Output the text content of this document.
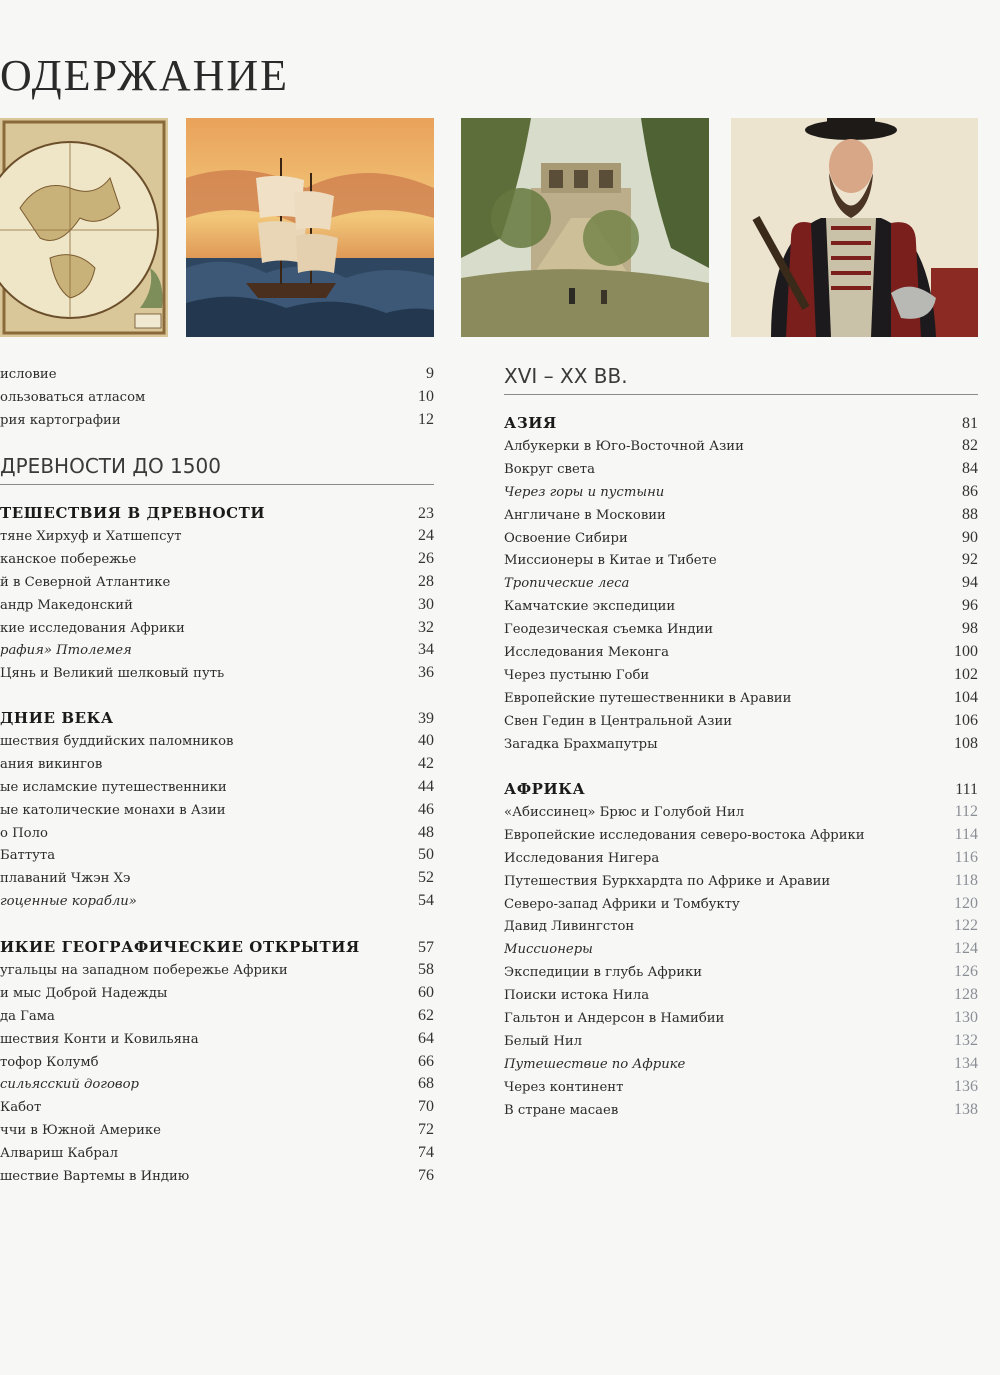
ОДЕРЖАНИЕ
исловие	9
ользоваться атласом	10
рия картографии	12
ДРЕВНОСТИ ДО 1500
ТЕШЕСТВИЯ В ДРЕВНОСТИ	23
тяне Хирхуф и Хатшепсут	24
канское побережье	26
й в Северной Атлантике	28
андр Македонский	30
кие исследования Африки	32
рафия» Птолемея	34
Цянь и Великий шелковый путь	36
ДНИЕ ВЕКА	39
шествия буддийских паломников	40
ания викингов	42
ые исламские путешественники	44
ые католические монахи в Азии	46
о Поло	48
Баттута	50
плаваний Чжэн Хэ	52
гоценные корабли»	54
ИКИЕ ГЕОГРАФИЧЕСКИЕ ОТКРЫТИЯ	57
угальцы на западном побережье Африки	58
и мыс Доброй Надежды	60
да Гама	62
шествия Конти и Ковильяна	64
тофор Колумб	66
сильясский договор	68
Кабот	70
ччи в Южной Америке	72
Алвариш Кабрал	74
шествие Вартемы в Индию	76
XVI – XX ВВ.
АЗИЯ	81
Албукерки в Юго-Восточной Азии	82
Вокруг света	84
Через горы и пустыни	86
Англичане в Московии	88
Освоение Сибири	90
Миссионеры в Китае и Тибете	92
Тропические леса	94
Камчатские экспедиции	96
Геодезическая съемка Индии	98
Исследования Меконга	100
Через пустыню Гоби	102
Европейские путешественники в Аравии	104
Свен Гедин в Центральной Азии	106
Загадка Брахмапутры	108
АФРИКА	111
«Абиссинец» Брюс и Голубой Нил	112
Европейские исследования северо-востока Африки	114
Исследования Нигера	116
Путешествия Буркхардта по Африке и Аравии	118
Северо-запад Африки и Томбукту	120
Давид Ливингстон	122
Миссионеры	124
Экспедиции в глубь Африки	126
Поиски истока Нила	128
Гальтон и Андерсон в Намибии	130
Белый Нил	132
Путешествие по Африке	134
Через континент	136
В стране масаев	138
